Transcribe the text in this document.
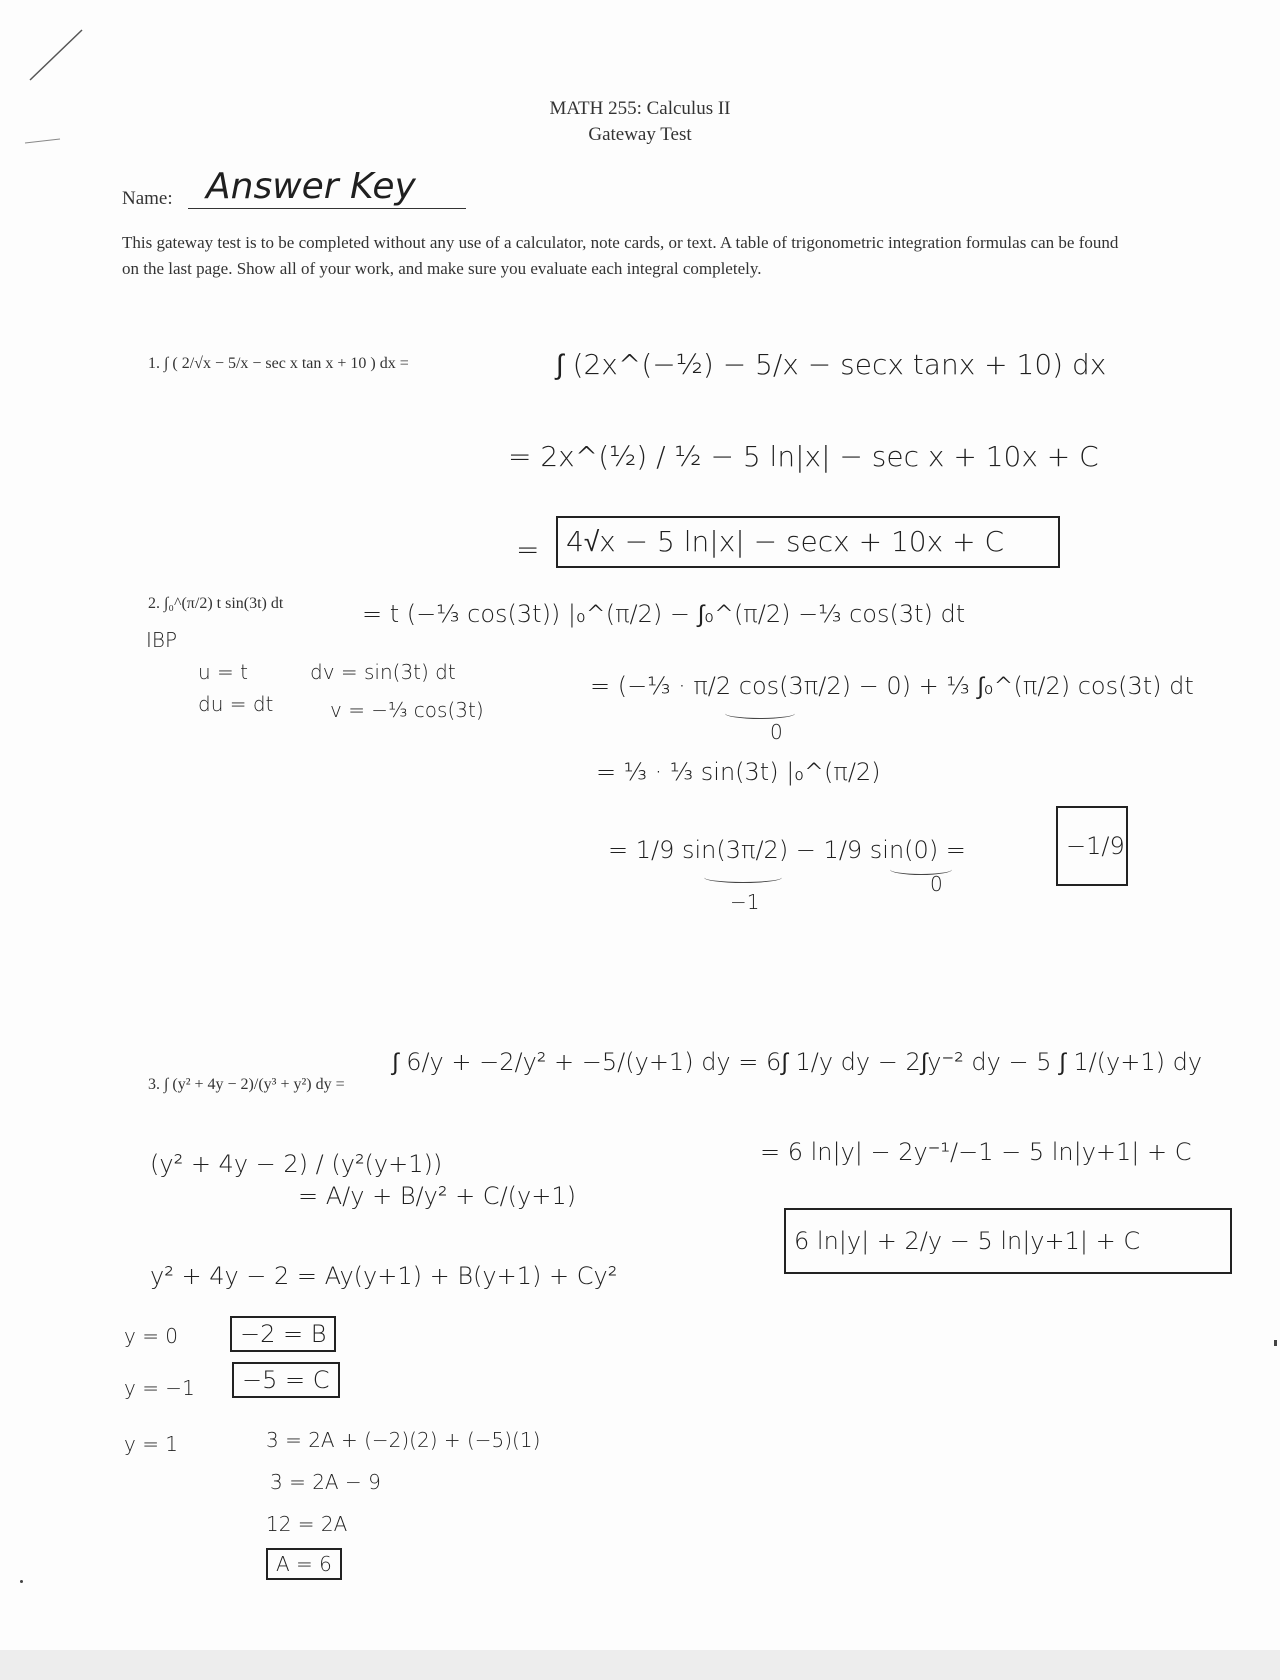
MATH 255: Calculus II
Gateway Test
Name: Answer Key
This gateway test is to be completed without any use of a calculator, note cards, or text. A table of trigonometric integration formulas can be found on the last page. Show all of your work, and make sure you evaluate each integral completely.
1. ∫ ( 2/√x − 5/x − sec x tan x + 10 ) dx =	∫ (2x^(−½) − 5/x − secx tanx + 10) dx
= 2x^(½) / ½ − 5 ln|x| − sec x + 10x + C
= 4√x − 5 ln|x| − secx + 10x + C
2. ∫₀^(π/2) t sin(3t) dt
IBP
u = t
du = dt
dv = sin(3t) dt
v = −⅓ cos(3t)
= t (−⅓ cos(3t)) |₀^(π/2) − ∫₀^(π/2) −⅓ cos(3t) dt
= (−⅓ · π/2 cos(3π/2) − 0) + ⅓ ∫₀^(π/2) cos(3t) dt
0
= ⅓ · ⅓ sin(3t) |₀^(π/2)
= 1/9 sin(3π/2) − 1/9 sin(0) =
−1
0
−1/9
3. ∫ (y² + 4y − 2)/(y³ + y²) dy =
∫ 6/y + −2/y² + −5/(y+1) dy = 6∫ 1/y dy − 2∫y⁻² dy − 5 ∫ 1/(y+1) dy
= 6 ln|y| − 2y⁻¹/−1 − 5 ln|y+1| + C
6 ln|y| + 2/y − 5 ln|y+1| + C
(y² + 4y − 2) / (y²(y+1))
= A/y + B/y² + C/(y+1)
y² + 4y − 2 = Ay(y+1) + B(y+1) + Cy²
y = 0	−2 = B
y = −1	−5 = C
y = 1	3 = 2A + (−2)(2) + (−5)(1)
3 = 2A − 9
12 = 2A
A = 6
